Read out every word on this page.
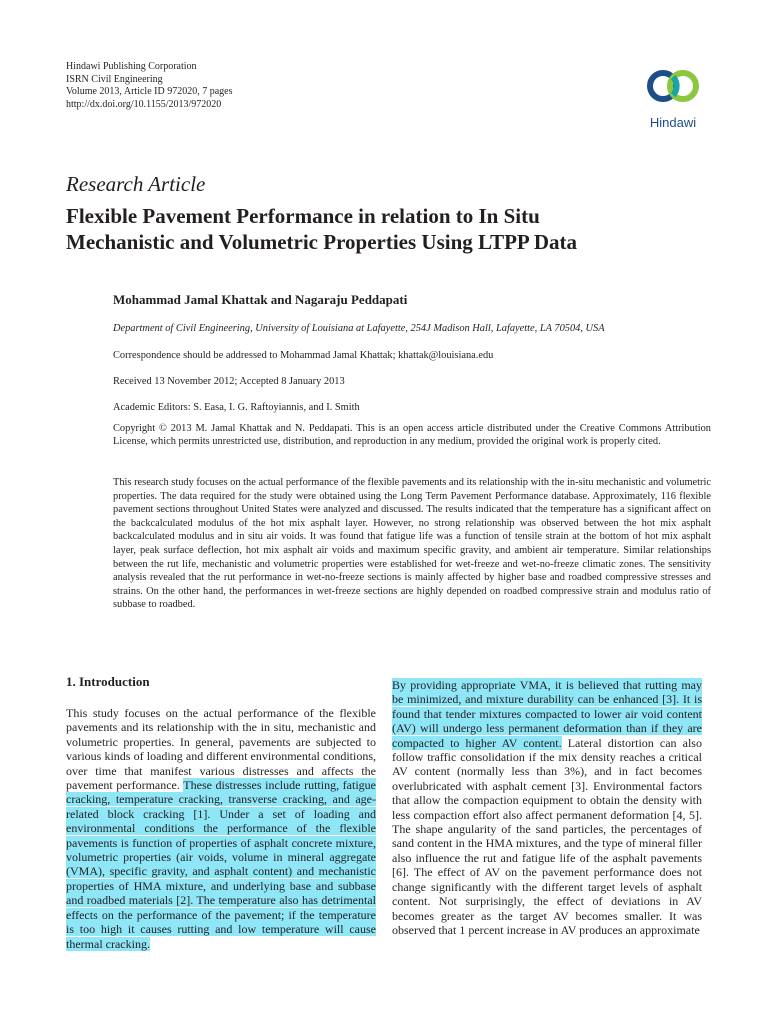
Hindawi Publishing Corporation
ISRN Civil Engineering
Volume 2013, Article ID 972020, 7 pages
http://dx.doi.org/10.1155/2013/972020
Hindawi
Research Article
Flexible Pavement Performance in relation to In Situ
Mechanistic and Volumetric Properties Using LTPP Data
Mohammad Jamal Khattak and Nagaraju Peddapati
Department of Civil Engineering, University of Louisiana at Lafayette, 254J Madison Hall, Lafayette, LA 70504, USA
Correspondence should be addressed to Mohammad Jamal Khattak; khattak@louisiana.edu
Received 13 November 2012; Accepted 8 January 2013
Academic Editors: S. Easa, I. G. Raftoyiannis, and I. Smith
Copyright © 2013 M. Jamal Khattak and N. Peddapati. This is an open access article distributed under the Creative Commons Attribution License, which permits unrestricted use, distribution, and reproduction in any medium, provided the original work is properly cited.
This research study focuses on the actual performance of the flexible pavements and its relationship with the in-situ mechanistic and volumetric properties. The data required for the study were obtained using the Long Term Pavement Performance database. Approximately, 116 flexible pavement sections throughout United States were analyzed and discussed. The results indicated that the temperature has a significant affect on the backcalculated modulus of the hot mix asphalt layer. However, no strong relationship was observed between the hot mix asphalt backcalculated modulus and in situ air voids. It was found that fatigue life was a function of tensile strain at the bottom of hot mix asphalt layer, peak surface deflection, hot mix asphalt air voids and maximum specific gravity, and ambient air temperature. Similar relationships between the rut life, mechanistic and volumetric properties were established for wet-freeze and wet-no-freeze climatic zones. The sensitivity analysis revealed that the rut performance in wet-no-freeze sections is mainly affected by higher base and roadbed compressive stresses and strains. On the other hand, the performances in wet-freeze sections are highly depended on roadbed compressive strain and modulus ratio of subbase to roadbed.
1. Introduction
This study focuses on the actual performance of the flexible pavements and its relationship with the in situ, mechanistic and volumetric properties. In general, pavements are subjected to various kinds of loading and different environmental conditions, over time that manifest various distresses and affects the pavement performance. These distresses include rutting, fatigue cracking, temperature cracking, transverse cracking, and age-related block cracking [1]. Under a set of loading and environmental conditions the performance of the flexible pavements is function of properties of asphalt concrete mixture, volumetric properties (air voids, volume in mineral aggregate (VMA), specific gravity, and asphalt content) and mechanistic properties of HMA mixture, and underlying base and subbase and roadbed materials [2]. The temperature also has detrimental effects on the performance of the pavement; if the temperature is too high it causes rutting and low temperature will cause thermal cracking.
By providing appropriate VMA, it is believed that rutting may be minimized, and mixture durability can be enhanced [3]. It is found that tender mixtures compacted to lower air void content (AV) will undergo less permanent deformation than if they are compacted to higher AV content. Lateral distortion can also follow traffic consolidation if the mix density reaches a critical AV content (normally less than 3%), and in fact becomes overlubricated with asphalt cement [3]. Environmental factors that allow the compaction equipment to obtain the density with less compaction effort also affect permanent deformation [4, 5]. The shape angularity of the sand particles, the percentages of sand content in the HMA mixtures, and the type of mineral filler also influence the rut and fatigue life of the asphalt pavements [6]. The effect of AV on the pavement performance does not change significantly with the different target levels of asphalt content. Not surprisingly, the effect of deviations in AV becomes greater as the target AV becomes smaller. It was observed that 1 percent increase in AV produces an approximate
